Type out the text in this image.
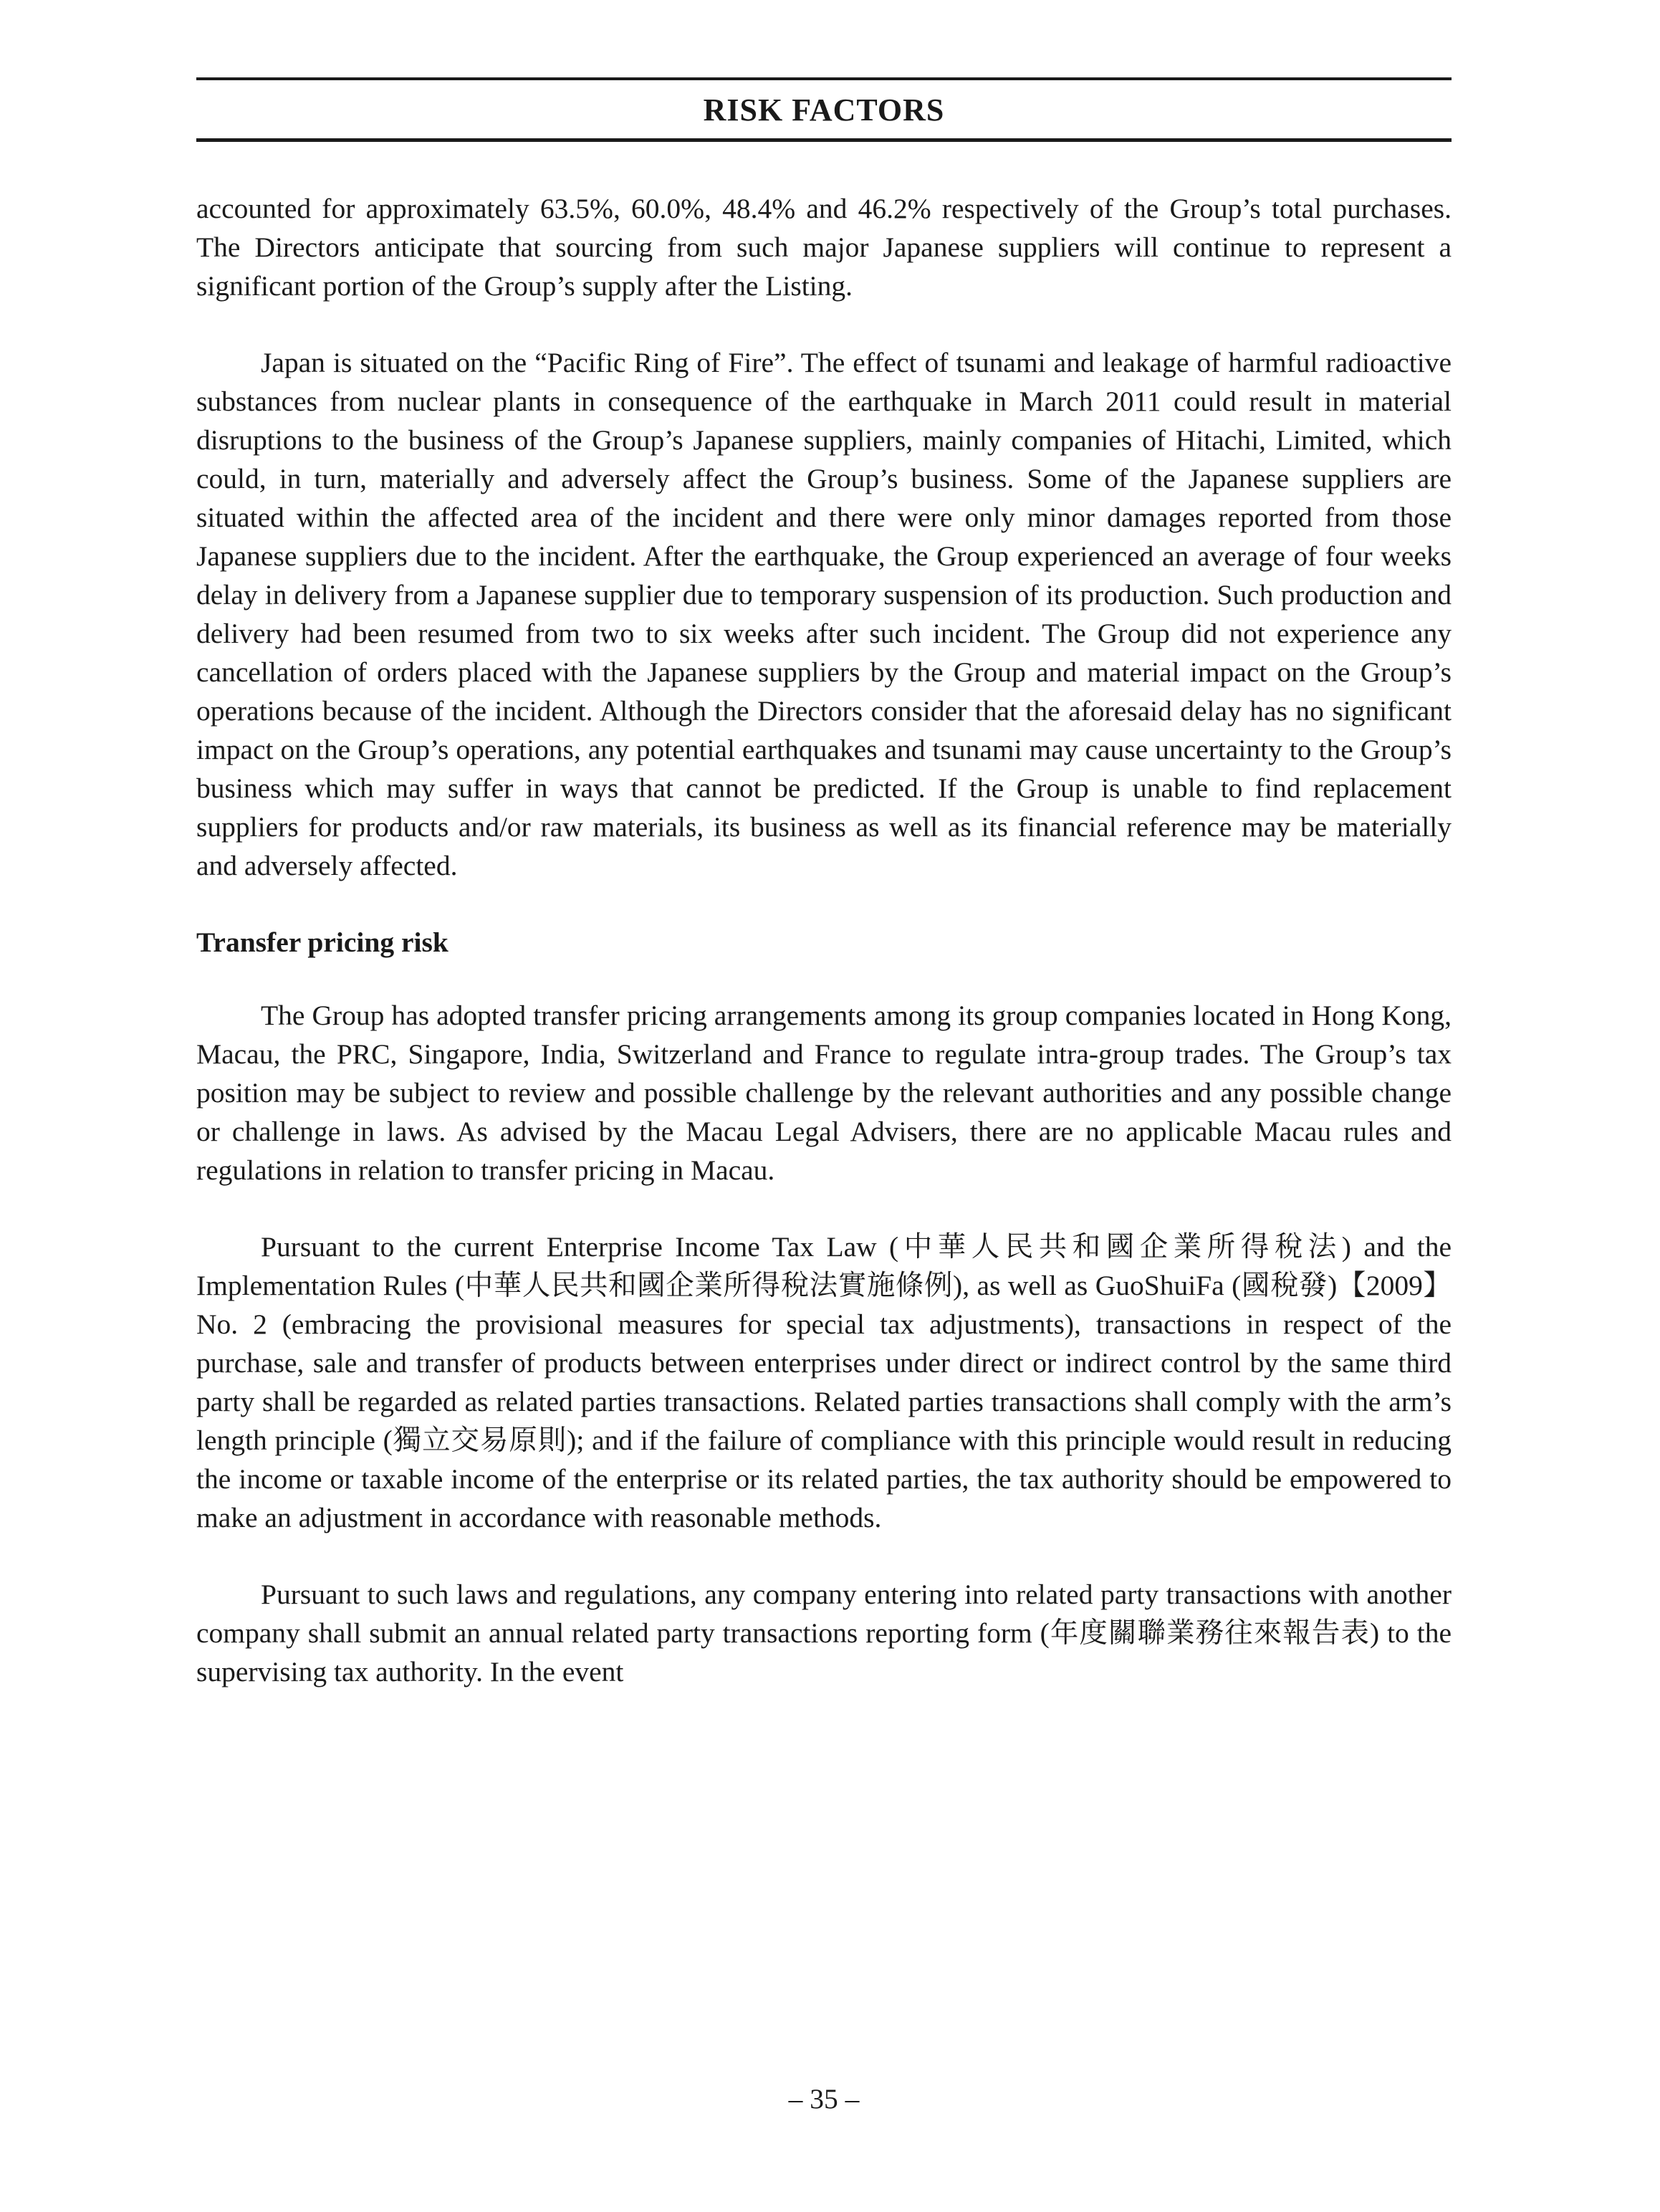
RISK FACTORS

accounted for approximately 63.5%, 60.0%, 48.4% and 46.2% respectively of the Group’s total purchases. The Directors anticipate that sourcing from such major Japanese suppliers will continue to represent a significant portion of the Group’s supply after the Listing.

Japan is situated on the “Pacific Ring of Fire”. The effect of tsunami and leakage of harmful radioactive substances from nuclear plants in consequence of the earthquake in March 2011 could result in material disruptions to the business of the Group’s Japanese suppliers, mainly companies of Hitachi, Limited, which could, in turn, materially and adversely affect the Group’s business. Some of the Japanese suppliers are situated within the affected area of the incident and there were only minor damages reported from those Japanese suppliers due to the incident. After the earthquake, the Group experienced an average of four weeks delay in delivery from a Japanese supplier due to temporary suspension of its production. Such production and delivery had been resumed from two to six weeks after such incident. The Group did not experience any cancellation of orders placed with the Japanese suppliers by the Group and material impact on the Group’s operations because of the incident. Although the Directors consider that the aforesaid delay has no significant impact on the Group’s operations, any potential earthquakes and tsunami may cause uncertainty to the Group’s business which may suffer in ways that cannot be predicted. If the Group is unable to find replacement suppliers for products and/or raw materials, its business as well as its financial reference may be materially and adversely affected.

Transfer pricing risk

The Group has adopted transfer pricing arrangements among its group companies located in Hong Kong, Macau, the PRC, Singapore, India, Switzerland and France to regulate intra-group trades. The Group’s tax position may be subject to review and possible challenge by the relevant authorities and any possible change or challenge in laws. As advised by the Macau Legal Advisers, there are no applicable Macau rules and regulations in relation to transfer pricing in Macau.

Pursuant to the current Enterprise Income Tax Law (中華人民共和國企業所得稅法) and the Implementation Rules (中華人民共和國企業所得稅法實施條例), as well as GuoShuiFa (國稅發)【2009】No. 2 (embracing the provisional measures for special tax adjustments), transactions in respect of the purchase, sale and transfer of products between enterprises under direct or indirect control by the same third party shall be regarded as related parties transactions. Related parties transactions shall comply with the arm’s length principle (獨立交易原則); and if the failure of compliance with this principle would result in reducing the income or taxable income of the enterprise or its related parties, the tax authority should be empowered to make an adjustment in accordance with reasonable methods.

Pursuant to such laws and regulations, any company entering into related party transactions with another company shall submit an annual related party transactions reporting form (年度關聯業務往來報告表) to the supervising tax authority. In the event

– 35 –
